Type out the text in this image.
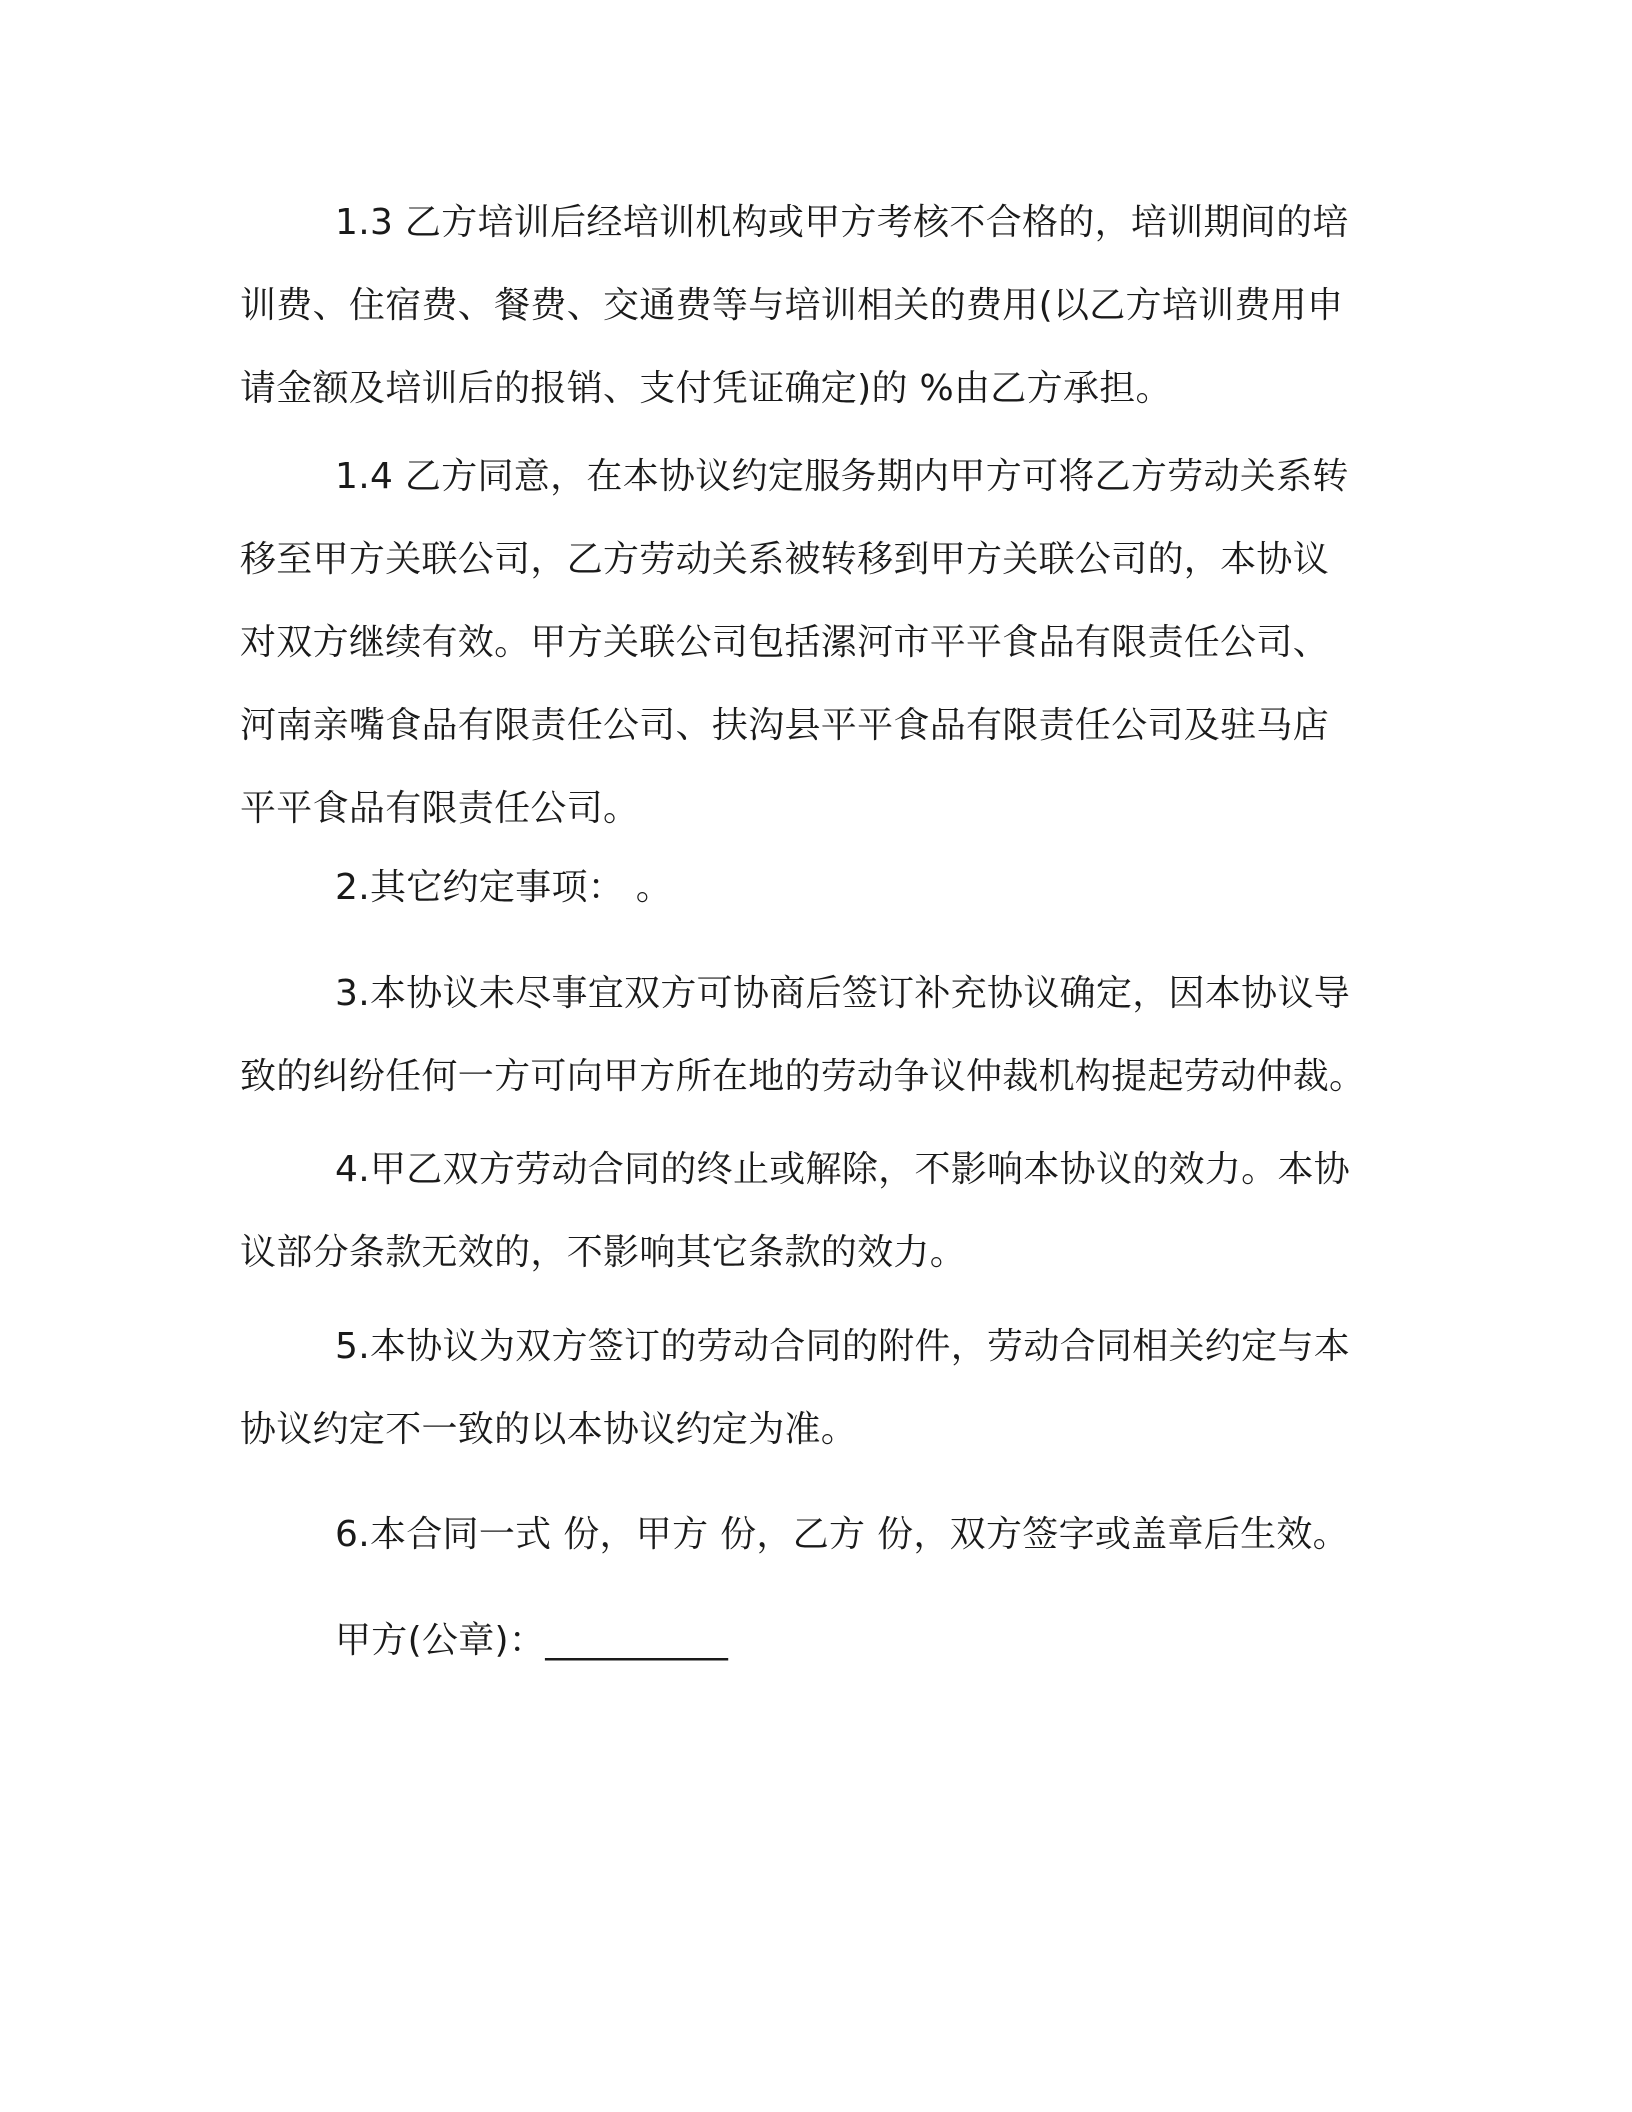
1.3 乙方培训后经培训机构或甲方考核不合格的，培训期间的培
训费、住宿费、餐费、交通费等与培训相关的费用(以乙方培训费用申
请金额及培训后的报销、支付凭证确定)的 %由乙方承担。
1.4 乙方同意，在本协议约定服务期内甲方可将乙方劳动关系转
移至甲方关联公司，乙方劳动关系被转移到甲方关联公司的，本协议
对双方继续有效。甲方关联公司包括漯河市平平食品有限责任公司、
河南亲嘴食品有限责任公司、扶沟县平平食品有限责任公司及驻马店
平平食品有限责任公司。
2.其它约定事项： 。
3.本协议未尽事宜双方可协商后签订补充协议确定，因本协议导
致的纠纷任何一方可向甲方所在地的劳动争议仲裁机构提起劳动仲裁。
4.甲乙双方劳动合同的终止或解除，不影响本协议的效力。本协
议部分条款无效的，不影响其它条款的效力。
5.本协议为双方签订的劳动合同的附件，劳动合同相关约定与本
协议约定不一致的以本协议约定为准。
6.本合同一式 份，甲方 份，乙方 份，双方签字或盖章后生效。
甲方(公章)：__________
